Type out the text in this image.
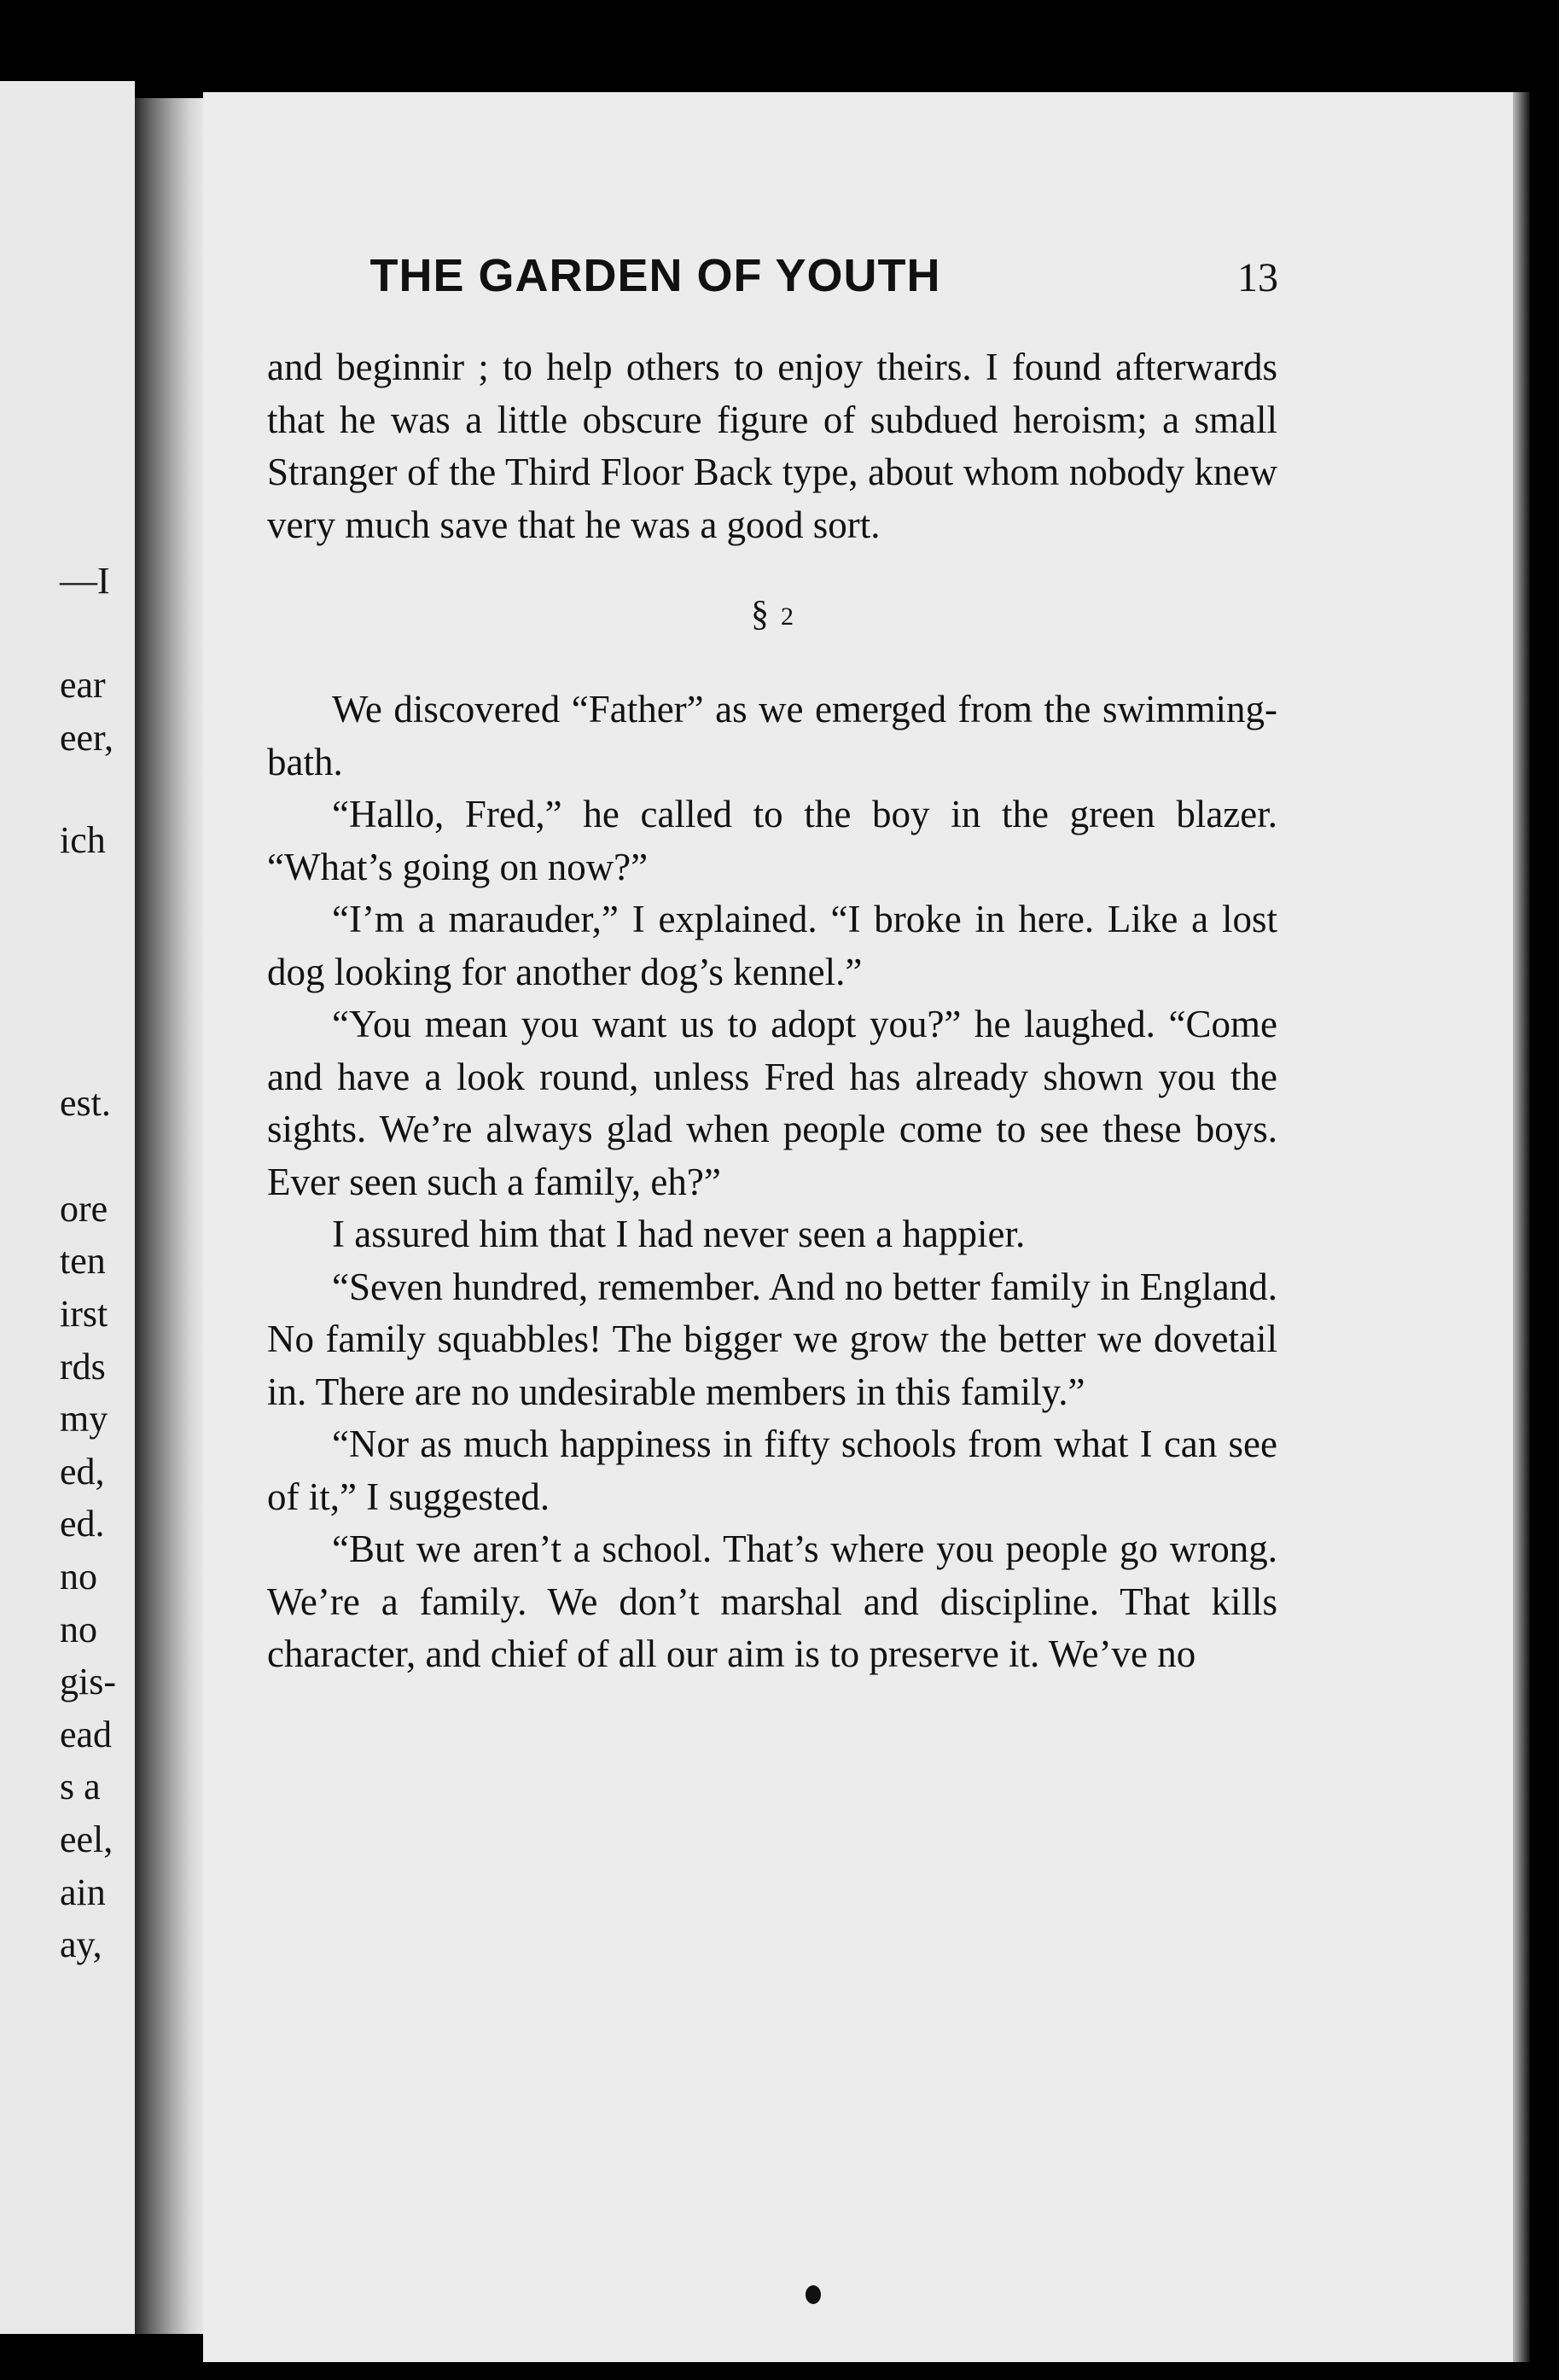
—I
ear
eer,
ich
est.
ore
ten
irst
rds
my
ed,
ed.
no
no
gis-
ead
s a
eel,
ain
ay,
THE GARDEN OF YOUTH	13

and beginnir ; to help others to enjoy theirs. I found afterwards that he was a little obscure figure of subdued heroism; a small Stranger of the Third Floor Back type, about whom nobody knew very much save that he was a good sort.

§ 2

We discovered “Father” as we emerged from the swimming-bath.

“Hallo, Fred,” he called to the boy in the green blazer. “What’s going on now?”

“I’m a marauder,” I explained. “I broke in here. Like a lost dog looking for another dog’s kennel.”

“You mean you want us to adopt you?” he laughed. “Come and have a look round, unless Fred has already shown you the sights. We’re always glad when people come to see these boys. Ever seen such a family, eh?”

I assured him that I had never seen a happier.

“Seven hundred, remember. And no better family in England. No family squabbles! The bigger we grow the better we dovetail in. There are no undesirable members in this family.”

“Nor as much happiness in fifty schools from what I can see of it,” I suggested.

“But we aren’t a school. That’s where you people go wrong. We’re a family. We don’t marshal and discipline. That kills character, and chief of all our aim is to preserve it. We’ve no
